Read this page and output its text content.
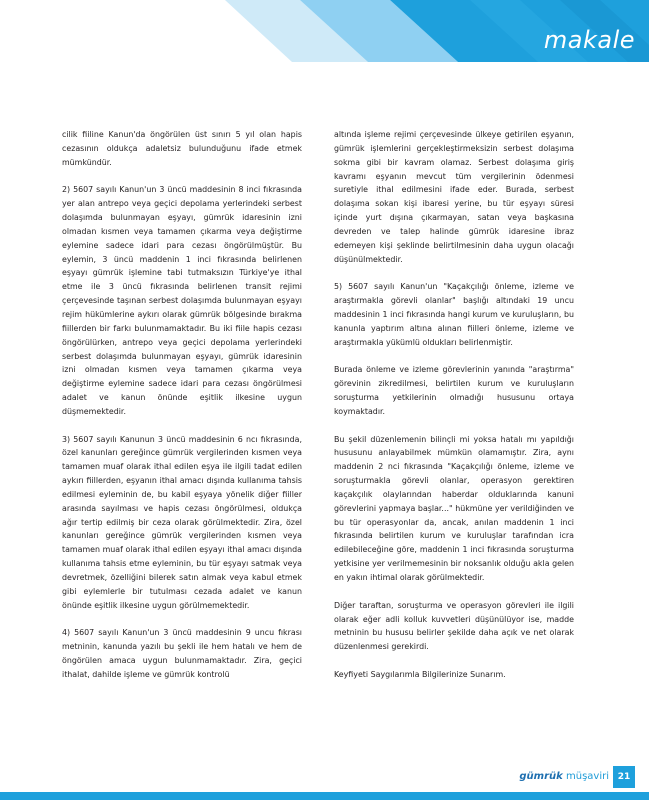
makale

cilik fiiline Kanun'da öngörülen üst sınırı 5 yıl olan hapis cezasının oldukça adaletsiz bulunduğunu ifade etmek mümkündür.

2) 5607 sayılı Kanun'un 3 üncü maddesinin 8 inci fıkrasında yer alan antrepo veya geçici depolama yerlerindeki serbest dolaşımda bulunmayan eşyayı, gümrük idaresinin izni olmadan kısmen veya tamamen çıkarma veya değiştirme eylemine sadece idari para cezası öngörülmüştür. Bu eylemin, 3 üncü maddenin 1 inci fıkrasında belirlenen eşyayı gümrük işlemine tabi tutmaksızın Türkiye'ye ithal etme ile 3 üncü fıkrasında belirlenen transit rejimi çerçevesinde taşınan serbest dolaşımda bulunmayan eşyayı rejim hükümlerine aykırı olarak gümrük bölgesinde bırakma fiillerden bir farkı bulunmamaktadır. Bu iki fiile hapis cezası öngörülürken, antrepo veya geçici depolama yerlerindeki serbest dolaşımda bulunmayan eşyayı, gümrük idaresinin izni olmadan kısmen veya tamamen çıkarma veya değiştirme eylemine sadece idari para cezası öngörülmesi adalet ve kanun önünde eşitlik ilkesine uygun düşmemektedir.

3) 5607 sayılı Kanunun 3 üncü maddesinin 6 ncı fıkrasında, özel kanunları gereğince gümrük vergilerinden kısmen veya tamamen muaf olarak ithal edilen eşya ile ilgili tadat edilen aykırı fiillerden, eşyanın ithal amacı dışında kullanıma tahsis edilmesi eyleminin de, bu kabil eşyaya yönelik diğer fiiller arasında sayılması ve hapis cezası öngörülmesi, oldukça ağır tertip edilmiş bir ceza olarak görülmektedir. Zira, özel kanunları gereğince gümrük vergilerinden kısmen veya tamamen muaf olarak ithal edilen eşyayı ithal amacı dışında kullanıma tahsis etme eyleminin, bu tür eşyayı satmak veya devretmek, özelliğini bilerek satın almak veya kabul etmek gibi eylemlerle bir tutulması cezada adalet ve kanun önünde eşitlik ilkesine uygun görülmemektedir.

4) 5607 sayılı Kanun'un 3 üncü maddesinin 9 uncu fıkrası metninin, kanunda yazılı bu şekli ile hem hatalı ve hem de öngörülen amaca uygun bulunmamaktadır. Zira, geçici ithalat, dahilde işleme ve gümrük kontrolü

altında işleme rejimi çerçevesinde ülkeye getirilen eşyanın, gümrük işlemlerini gerçekleştirmeksizin serbest dolaşıma sokma gibi bir kavram olamaz. Serbest dolaşıma giriş kavramı eşyanın mevcut tüm vergilerinin ödenmesi suretiyle ithal edilmesini ifade eder. Burada, serbest dolaşıma sokan kişi ibaresi yerine, bu tür eşyayı süresi içinde yurt dışına çıkarmayan, satan veya başkasına devreden ve talep halinde gümrük idaresine ibraz edemeyen kişi şeklinde belirtilmesinin daha uygun olacağı düşünülmektedir.

5) 5607 sayılı Kanun'un "Kaçakçılığı önleme, izleme ve araştırmakla görevli olanlar" başlığı altındaki 19 uncu maddesinin 1 inci fıkrasında hangi kurum ve kuruluşların, bu kanunla yaptırım altına alınan fiilleri önleme, izleme ve araştırmakla yükümlü oldukları belirlenmiştir.

Burada önleme ve izleme görevlerinin yanında "araştırma" görevinin zikredilmesi, belirtilen kurum ve kuruluşların soruşturma yetkilerinin olmadığı hususunu ortaya koymaktadır.

Bu şekil düzenlemenin bilinçli mi yoksa hatalı mı yapıldığı hususunu anlayabilmek mümkün olamamıştır. Zira, aynı maddenin 2 nci fıkrasında "Kaçakçılığı önleme, izleme ve soruşturmakla görevli olanlar, operasyon gerektiren kaçakçılık olaylarından haberdar olduklarında kanuni görevlerini yapmaya başlar..." hükmüne yer verildiğinden ve bu tür operasyonlar da, ancak, anılan maddenin 1 inci fıkrasında belirtilen kurum ve kuruluşlar tarafından icra edilebileceğine göre, maddenin 1 inci fıkrasında soruşturma yetkisine yer verilmemesinin bir noksanlık olduğu akla gelen en yakın ihtimal olarak görülmektedir.

Diğer taraftan, soruşturma ve operasyon görevleri ile ilgili olarak eğer adli kolluk kuvvetleri düşünülüyor ise, madde metninin bu hususu belirler şekilde daha açık ve net olarak düzenlenmesi gerekirdi.

Keyfiyeti Saygılarımla Bilgilerinize Sunarım.

gümrük müşaviri 21
